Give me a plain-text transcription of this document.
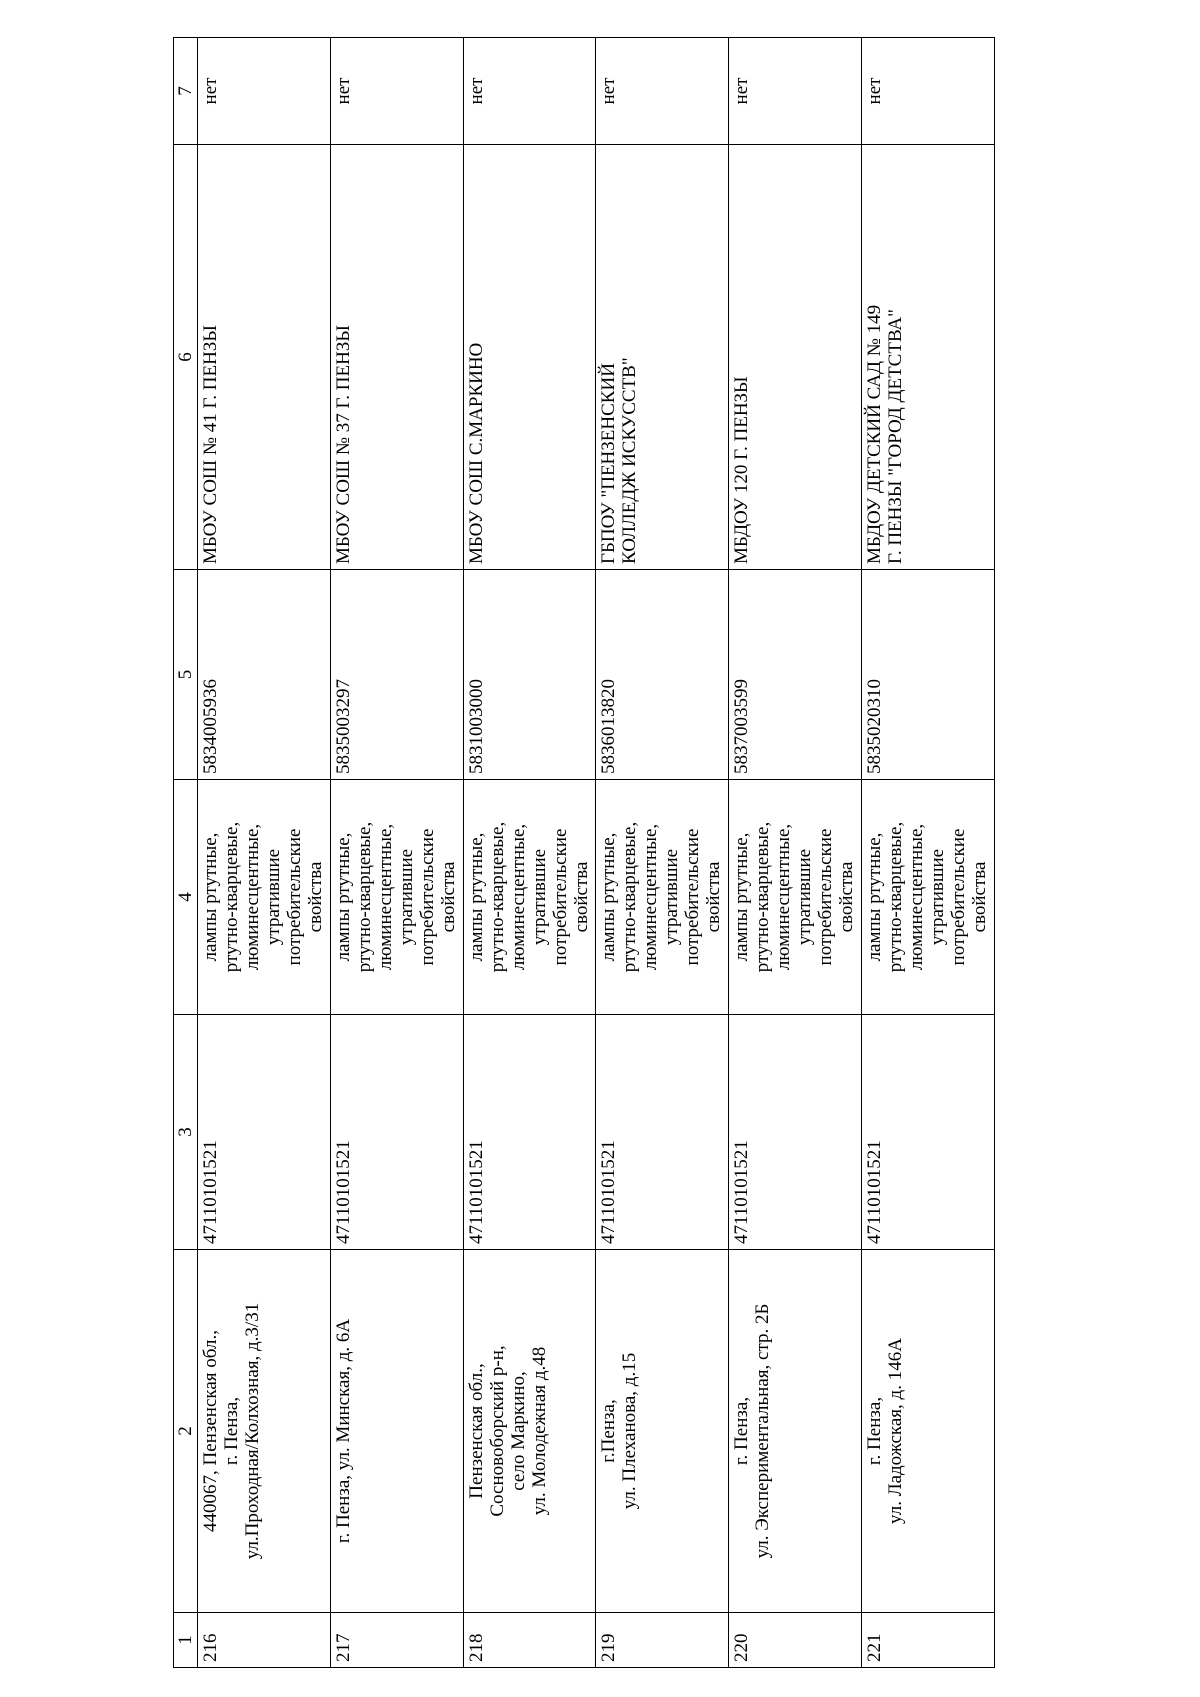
1	2	3	4	5	6	7
216	440067, Пензенская обл.,
г. Пенза,
ул.Проходная/Колхозная, д.3/31	47110101521	лампы ртутные,
ртутно-кварцевые,
люминесцентные,
утратившие потребительские
свойства	5834005936	МБОУ СОШ № 41 Г. ПЕНЗЫ	нет
217	г. Пенза, ул. Минская, д. 6А	47110101521	лампы ртутные,
ртутно-кварцевые,
люминесцентные,
утратившие потребительские
свойства	5835003297	МБОУ СОШ № 37 Г. ПЕНЗЫ	нет
218	Пензенская обл.,
Сосновоборский р-н,
село Маркино,
ул. Молодежная д.48	47110101521	лампы ртутные,
ртутно-кварцевые,
люминесцентные,
утратившие потребительские
свойства	5831003000	МБОУ СОШ С.МАРКИНО	нет
219	г.Пенза,
ул. Плеханова, д.15	47110101521	лампы ртутные,
ртутно-кварцевые,
люминесцентные,
утратившие потребительские
свойства	5836013820	ГБПОУ "ПЕНЗЕНСКИЙ
КОЛЛЕДЖ ИСКУССТВ"	нет
220	г. Пенза,
ул. Экспериментальная, стр. 2Б	47110101521	лампы ртутные,
ртутно-кварцевые,
люминесцентные,
утратившие потребительские
свойства	5837003599	МБДОУ 120 Г. ПЕНЗЫ	нет
221	г. Пенза,
ул. Ладожская, д. 146А	47110101521	лампы ртутные,
ртутно-кварцевые,
люминесцентные,
утратившие потребительские
свойства	5835020310	МБДОУ ДЕТСКИЙ САД № 149
Г. ПЕНЗЫ "ГОРОД ДЕТСТВА"	нет
